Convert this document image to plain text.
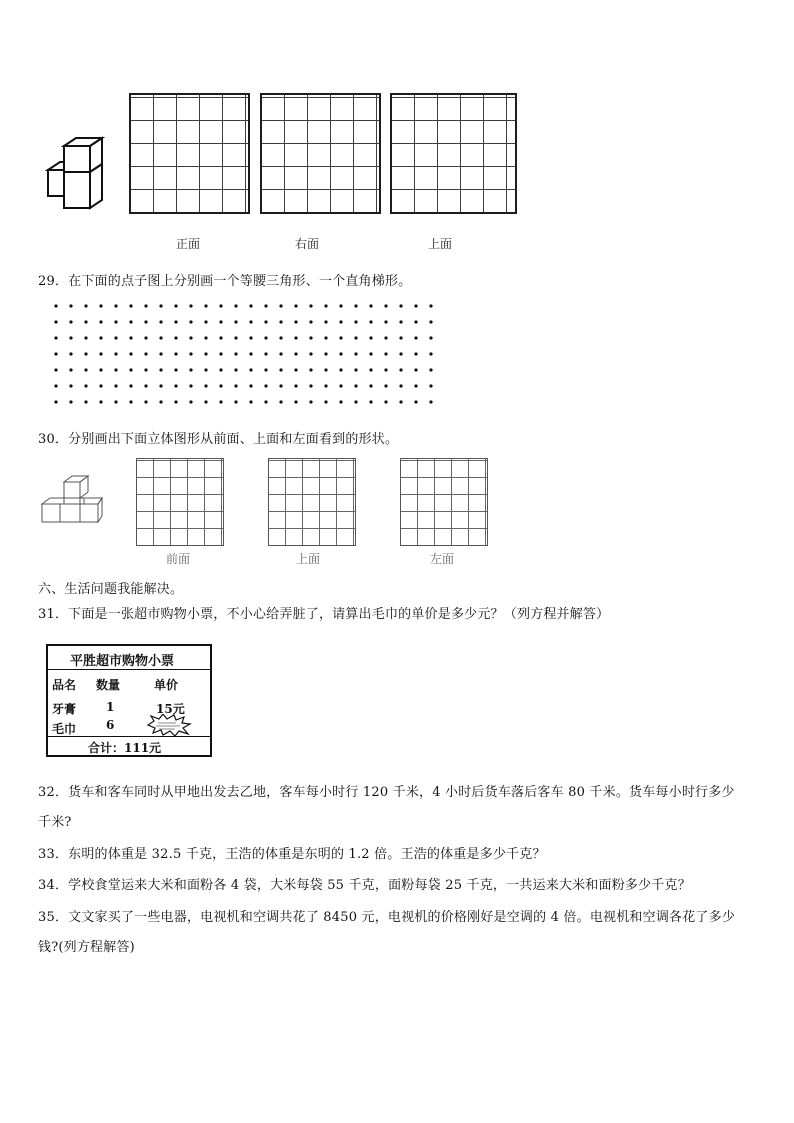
正面	右面	上面
29．在下面的点子图上分别画一个等腰三角形、一个直角梯形。
30．分别画出下面立体图形从前面、上面和左面看到的形状。
前面	上面	左面
六、生活问题我能解决。
31．下面是一张超市购物小票，不小心给弄脏了，请算出毛巾的单价是多少元？（列方程并解答）
平胜超市购物小票
品名 数量	单价
牙膏 1	15元
毛巾 6
合计：111元
32．货车和客车同时从甲地出发去乙地，客车每小时行 120 千米，4 小时后货车落后客车 80 千米。货车每小时行多少
千米?
33．东明的体重是 32.5 千克，王浩的体重是东明的 1.2 倍。王浩的体重是多少千克？
34．学校食堂运来大米和面粉各 4 袋，大米每袋 55 千克，面粉每袋 25 千克，一共运来大米和面粉多少千克？
35．文文家买了一些电器，电视机和空调共花了 8450 元，电视机的价格刚好是空调的 4 倍。电视机和空调各花了多少
钱?(列方程解答)
